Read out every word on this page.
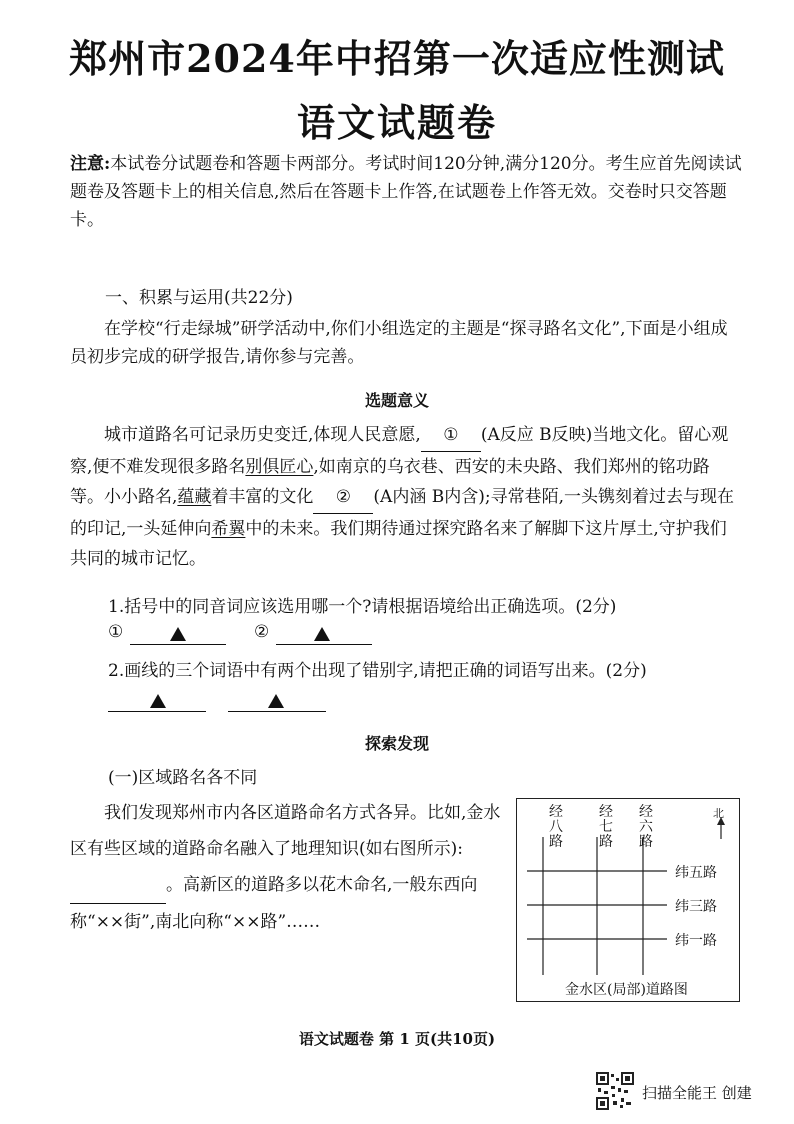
郑州市2024年中招第一次适应性测试
语文试题卷
注意:本试卷分试题卷和答题卡两部分。考试时间120分钟,满分120分。考生应首先阅读试题卷及答题卡上的相关信息,然后在答题卡上作答,在试题卷上作答无效。交卷时只交答题卡。
一、积累与运用(共22分)
在学校“行走绿城”研学活动中,你们小组选定的主题是“探寻路名文化”,下面是小组成员初步完成的研学报告,请你参与完善。
选题意义
城市道路名可记录历史变迁,体现人民意愿, ① (A反应 B反映)当地文化。留心观察,便不难发现很多路名别俱匠心,如南京的乌衣巷、西安的未央路、我们郑州的铭功路等。小小路名,蕴藏着丰富的文化 ② (A内涵 B内含);寻常巷陌,一头镌刻着过去与现在的印记,一头延伸向希翼中的未来。我们期待通过探究路名来了解脚下这片厚土,守护我们共同的城市记忆。
1.括号中的同音词应该选用哪一个?请根据语境给出正确选项。(2分)
①	②
2.画线的三个词语中有两个出现了错别字,请把正确的词语写出来。(2分)
探索发现
(一)区域路名各不同
我们发现郑州市内各区道路命名方式各异。比如,金水区有些区域的道路命名融入了地理知识(如右图所示): 。高新区的道路多以花木命名,一般东西向称“××街”,南北向称“××路”……
经八路
经七路
经六路
北
纬五路
纬三路
纬一路
金水区(局部)道路图
语文试题卷 第 1 页(共10页)
扫描全能王 创建
